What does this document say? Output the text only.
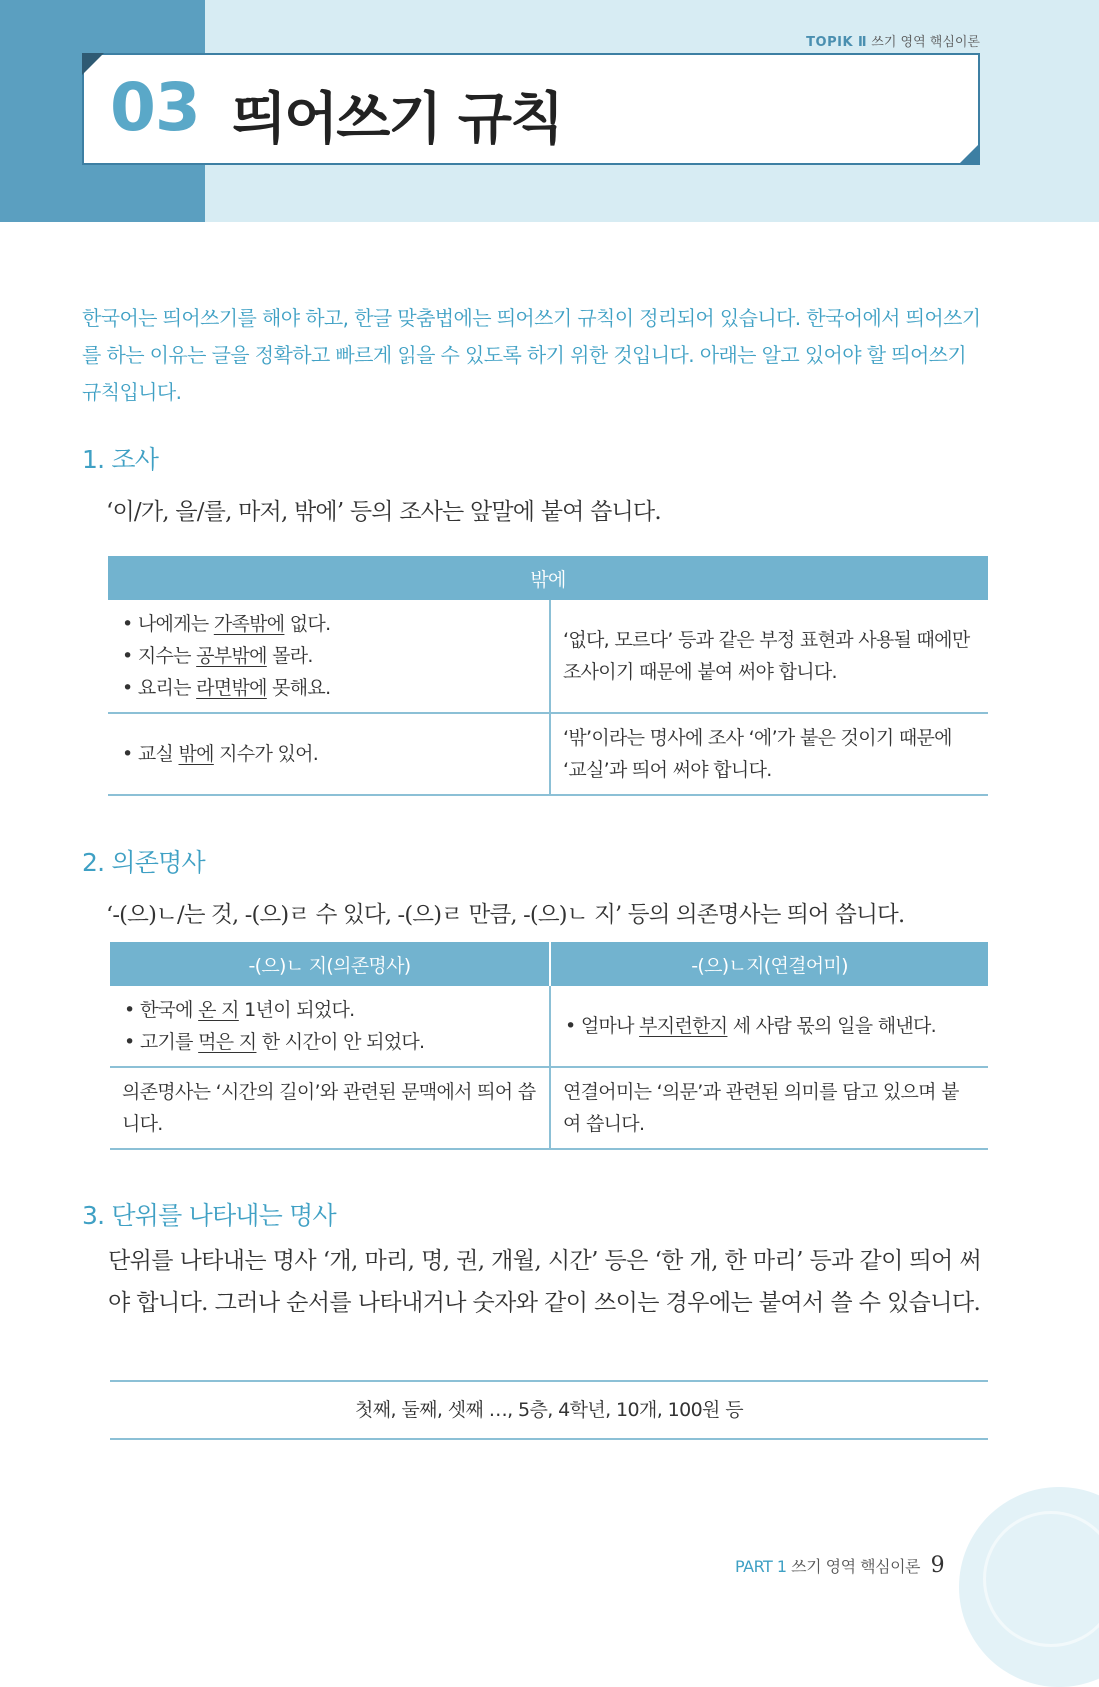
TOPIK Ⅱ 쓰기 영역 핵심이론
03 띄어쓰기 규칙
한국어는 띄어쓰기를 해야 하고, 한글 맞춤법에는 띄어쓰기 규칙이 정리되어 있습니다. 한국어에서 띄어쓰기를 하는 이유는 글을 정확하고 빠르게 읽을 수 있도록 하기 위한 것입니다. 아래는 알고 있어야 할 띄어쓰기 규칙입니다.
1. 조사
‘이/가, 을/를, 마저, 밖에’ 등의 조사는 앞말에 붙여 씁니다.
밖에	

• 나에게는 가족밖에 없다.
• 지수는 공부밖에 몰라.
• 요리는 라면밖에 못해요.	‘없다, 모르다’ 등과 같은 부정 표현과 사용될 때에만 조사이기 때문에 붙여 써야 합니다.
• 교실 밖에 지수가 있어.	‘밖’이라는 명사에 조사 ‘에’가 붙은 것이기 때문에 ‘교실’과 띄어 써야 합니다.
2. 의존명사
‘-(으)ㄴ/는 것, -(으)ㄹ 수 있다, -(으)ㄹ 만큼, -(으)ㄴ 지’ 등의 의존명사는 띄어 씁니다.
-(으)ㄴ 지(의존명사)	-(으)ㄴ지(연결어미)

• 한국에 온 지 1년이 되었다.
• 고기를 먹은 지 한 시간이 안 되었다.	• 얼마나 부지런한지 세 사람 몫의 일을 해낸다.
의존명사는 ‘시간의 길이’와 관련된 문맥에서 띄어 씁니다.	연결어미는 ‘의문’과 관련된 의미를 담고 있으며 붙여 씁니다.
3. 단위를 나타내는 명사
단위를 나타내는 명사 ‘개, 마리, 명, 권, 개월, 시간’ 등은 ‘한 개, 한 마리’ 등과 같이 띄어 써야 합니다. 그러나 순서를 나타내거나 숫자와 같이 쓰이는 경우에는 붙여서 쓸 수 있습니다.
첫째, 둘째, 셋째 …, 5층, 4학년, 10개, 100원 등
PART 1 쓰기 영역 핵심이론 9
